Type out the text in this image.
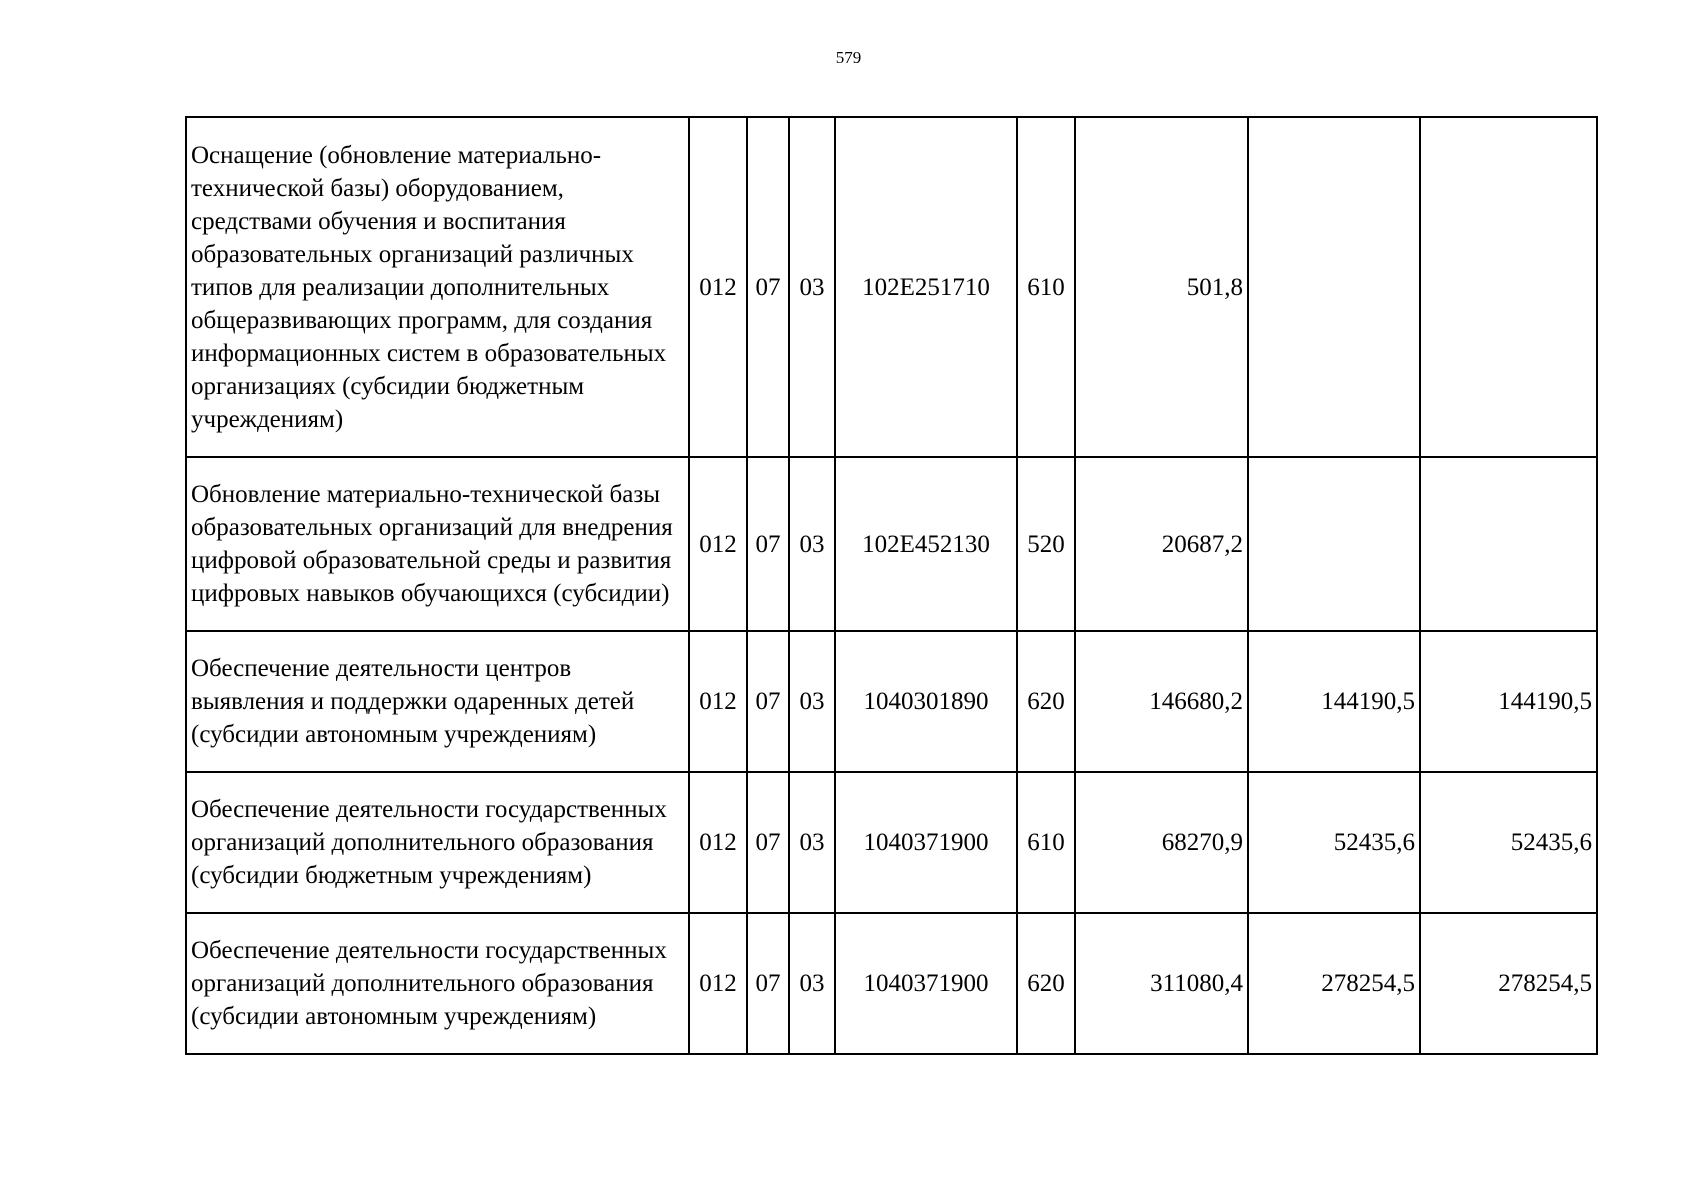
579
Оснащение (обновление материально-технической базы) оборудованием, средствами обучения и воспитания образовательных организаций различных типов для реализации дополнительных общеразвивающих программ, для создания информационных систем в образовательных организациях (субсидии бюджетным учреждениям)	012	07	03	102E251710	610	501,8		
Обновление материально-технической базы образовательных организаций для внедрения цифровой образовательной среды и развития цифровых навыков обучающихся (субсидии)	012	07	03	102E452130	520	20687,2		
Обеспечение деятельности центров выявления и поддержки одаренных детей (субсидии автономным учреждениям)	012	07	03	1040301890	620	146680,2	144190,5	144190,5
Обеспечение деятельности государственных организаций дополнительного образования (субсидии бюджетным учреждениям)	012	07	03	1040371900	610	68270,9	52435,6	52435,6
Обеспечение деятельности государственных организаций дополнительного образования (субсидии автономным учреждениям)	012	07	03	1040371900	620	311080,4	278254,5	278254,5
